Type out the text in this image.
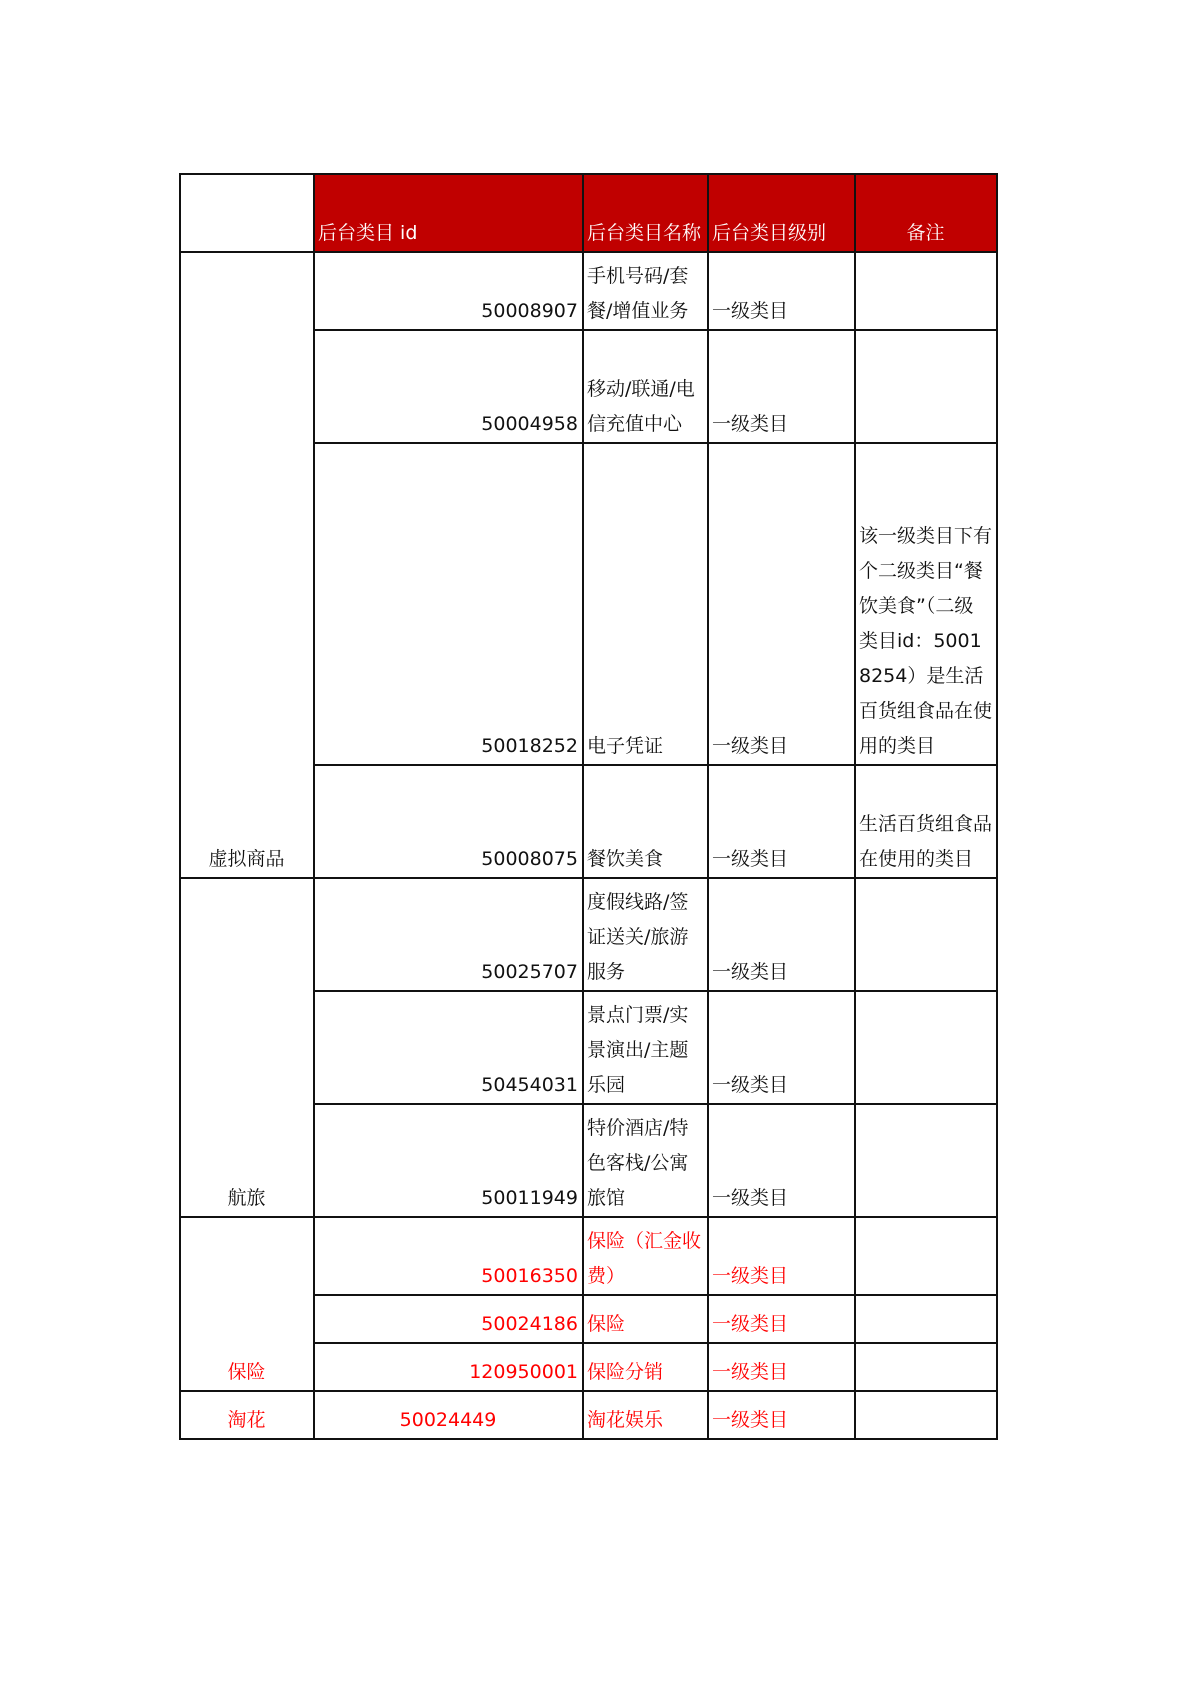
	后台类目 id	后台类目名称	后台类目级别	备注
虚拟商品	50008907	手机号码/套餐/增值业务	一级类目	
	50004958	移动/联通/电信充值中心	一级类目	
	50018252	电子凭证	一级类目	该一级类目下有个二级类目“餐饮美食”（二级类目id：50018254）是生活百货组食品在使用的类目
	50008075	餐饮美食	一级类目	生活百货组食品在使用的类目
航旅	50025707	度假线路/签证送关/旅游服务	一级类目	
	50454031	景点门票/实景演出/主题乐园	一级类目	
	50011949	特价酒店/特色客栈/公寓旅馆	一级类目	
保险	50016350	保险（汇金收费）	一级类目	
	50024186	保险	一级类目	
	120950001	保险分销	一级类目	
淘花	50024449	淘花娱乐	一级类目	
